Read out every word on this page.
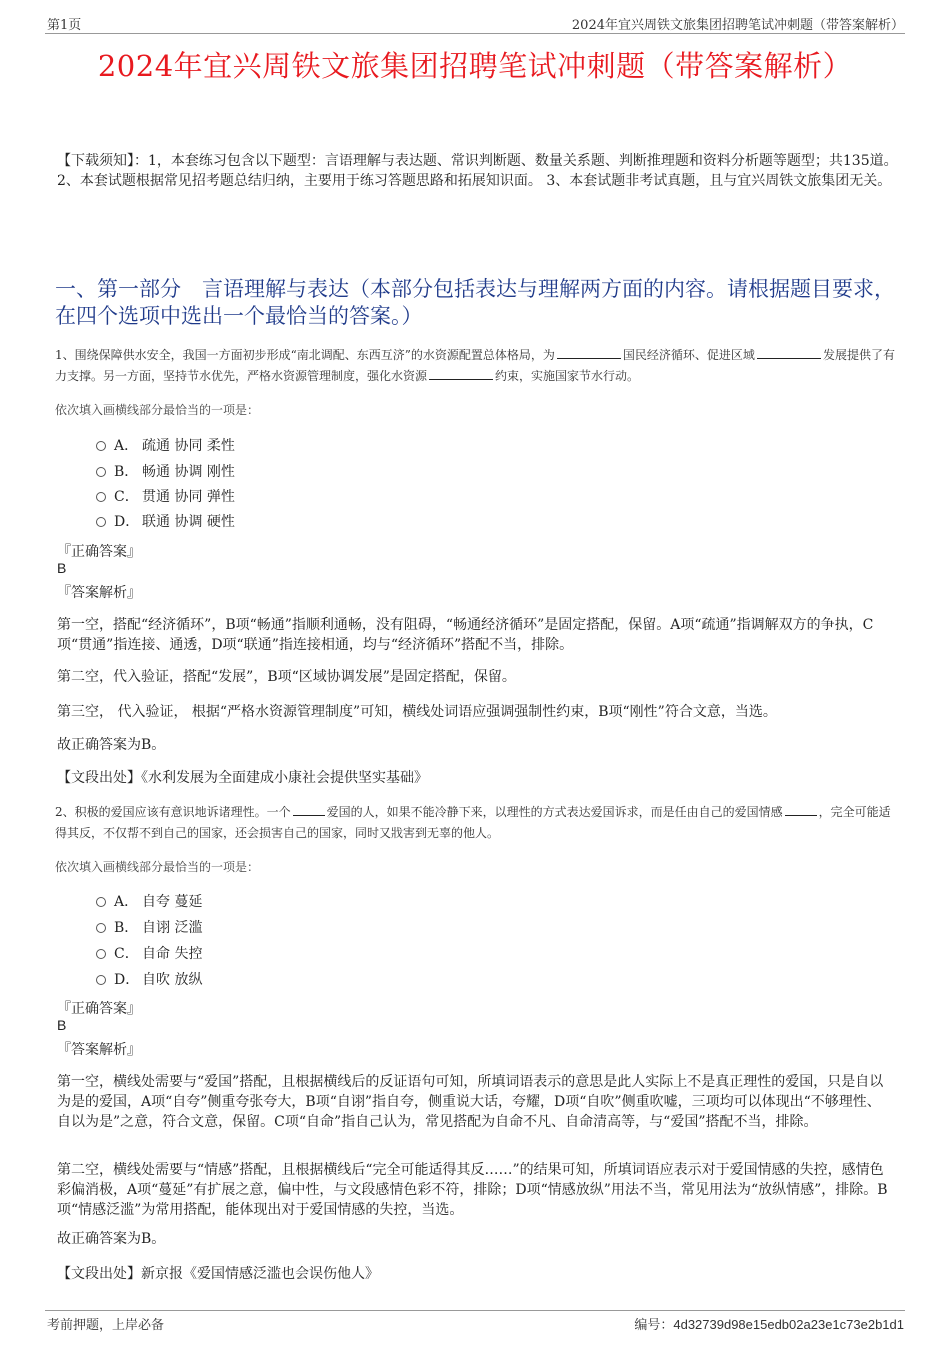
第1页	2024年宜兴周铁文旅集团招聘笔试冲刺题（带答案解析）
2024年宜兴周铁文旅集团招聘笔试冲刺题（带答案解析）
【下载须知】：1，本套练习包含以下题型：言语理解与表达题、常识判断题、数量关系题、判断推理题和资料分析题等题型；共135道。 2、本套试题根据常见招考题总结归纳，主要用于练习答题思路和拓展知识面。 3、本套试题非考试真题，且与宜兴周铁文旅集团无关。
一、第一部分　言语理解与表达（本部分包括表达与理解两方面的内容。请根据题目要求，在四个选项中选出一个最恰当的答案。）
1、围绕保障供水安全，我国一方面初步形成“南北调配、东西互济”的水资源配置总体格局，为	国民经济循环、促进区域	发展提供了有力支撑。另一方面，坚持节水优先，严格水资源管理制度，强化水资源	约束，实施国家节水行动。
依次填入画横线部分最恰当的一项是：
A． 疏通 协同 柔性
B． 畅通 协调 刚性
C． 贯通 协同 弹性
D． 联通 协调 硬性
『正确答案』
B
『答案解析』
第一空，搭配“经济循环”，B项“畅通”指顺利通畅，没有阻碍，“畅通经济循环”是固定搭配，保留。A项“疏通”指调解双方的争执，C项“贯通”指连接、通透，D项“联通”指连接相通，均与“经济循环”搭配不当，排除。
第二空，代入验证，搭配“发展”，B项“区域协调发展”是固定搭配，保留。
第三空， 代入验证， 根据“严格水资源管理制度”可知，横线处词语应强调强制性约束，B项“刚性”符合文意，当选。
故正确答案为B。
【文段出处】《水利发展为全面建成小康社会提供坚实基础》
2、积极的爱国应该有意识地诉诸理性。一个	爱国的人，如果不能冷静下来，以理性的方式表达爱国诉求，而是任由自己的爱国情感	，完全可能适得其反，不仅帮不到自己的国家，还会损害自己的国家，同时又戕害到无辜的他人。
依次填入画横线部分最恰当的一项是：
A． 自夸 蔓延
B． 自诩 泛滥
C． 自命 失控
D． 自吹 放纵
『正确答案』
B
『答案解析』
第一空，横线处需要与“爱国”搭配，且根据横线后的反证语句可知，所填词语表示的意思是此人实际上不是真正理性的爱国，只是自以为是的爱国，A项“自夸”侧重夸张夸大，B项“自诩”指自夸，侧重说大话，夸耀，D项“自吹”侧重吹嘘，三项均可以体现出“不够理性、自以为是”之意，符合文意，保留。C项“自命”指自己认为，常见搭配为自命不凡、自命清高等，与“爱国”搭配不当，排除。
第二空，横线处需要与“情感”搭配，且根据横线后“完全可能适得其反……”的结果可知，所填词语应表示对于爱国情感的失控，感情色彩偏消极，A项“蔓延”有扩展之意，偏中性，与文段感情色彩不符，排除；D项“情感放纵”用法不当，常见用法为“放纵情感”，排除。B项“情感泛滥”为常用搭配，能体现出对于爱国情感的失控，当选。
故正确答案为B。
【文段出处】新京报《爱国情感泛滥也会误伤他人》
考前押题，上岸必备	编号：4d32739d98e15edb02a23e1c73e2b1d1
